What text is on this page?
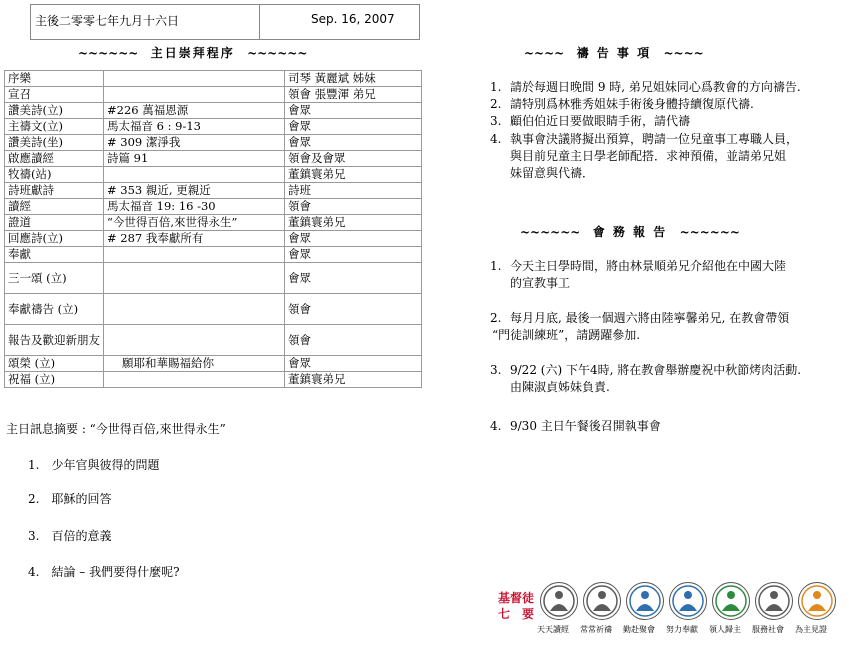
主後二零零七年九月十六日	Sep. 16, 2007
~~~~~~ 主日崇拜程序 ~~~~~~
序樂		司琴 黃麗斌 姊妹
宣召		領會 張豐渾 弟兄
讚美詩(立)	#226 萬福恩源	會眾
主禱文(立)	馬太福音 6 : 9-13	會眾
讚美詩(坐)	# 309 潔淨我	會眾
啟應讀經	詩篇 91	領會及會眾
牧禱(站)		董鎮寰弟兄
詩班獻詩	# 353 親近, 更親近	詩班
讀經	馬太福音 19: 16 -30	領會
證道	“今世得百倍,來世得永生”	董鎮寰弟兄
回應詩(立)	# 287 我奉獻所有	會眾
奉獻		會眾
三一頌 (立)		會眾
奉獻禱告 (立)		領會
報告及歡迎新朋友		領會
頌榮 (立)	願耶和華賜福給你	會眾
祝福 (立)		董鎮寰弟兄
主日訊息摘要 : “今世得百倍,來世得永生”
1.　少年官與彼得的問題
2.　耶穌的回答
3.　百倍的意義
4.　結論 – 我們要得什麼呢?
~~~~ 禱 告 事 項 ~~~~
1. 請於每週日晚間 9 時, 弟兄姐妹同心爲教會的方向禱告.
2. 請特別爲林雅秀姐妹手術後身體持續復原代禱.
3. 顧伯伯近日要做眼睛手術，請代禱
4. 執事會決議將擬出預算，聘請一位兒童事工專職人員，
與目前兒童主日學老師配搭．求神預備，並請弟兄姐
妹留意與代禱．
~~~~~~ 會 務 報 告 ~~~~~~
1. 今天主日學時間，將由林景順弟兄介紹他在中國大陸
的宣教事工
2. 每月月底, 最後一個週六將由陸寧馨弟兄, 在教會帶領
“門徒訓練班”，請踴躍參加.
3. 9/22 (六) 下午4時, 將在教會舉辦慶祝中秋節烤肉活動.
由陳淑貞姊妹負責.
4. 9/30 主日午餐後召開執事會
基督徒
七　要
天天讀經 常常祈禱 勤赴聚會 努力奉獻 領人歸主 服務社會 為主見證
